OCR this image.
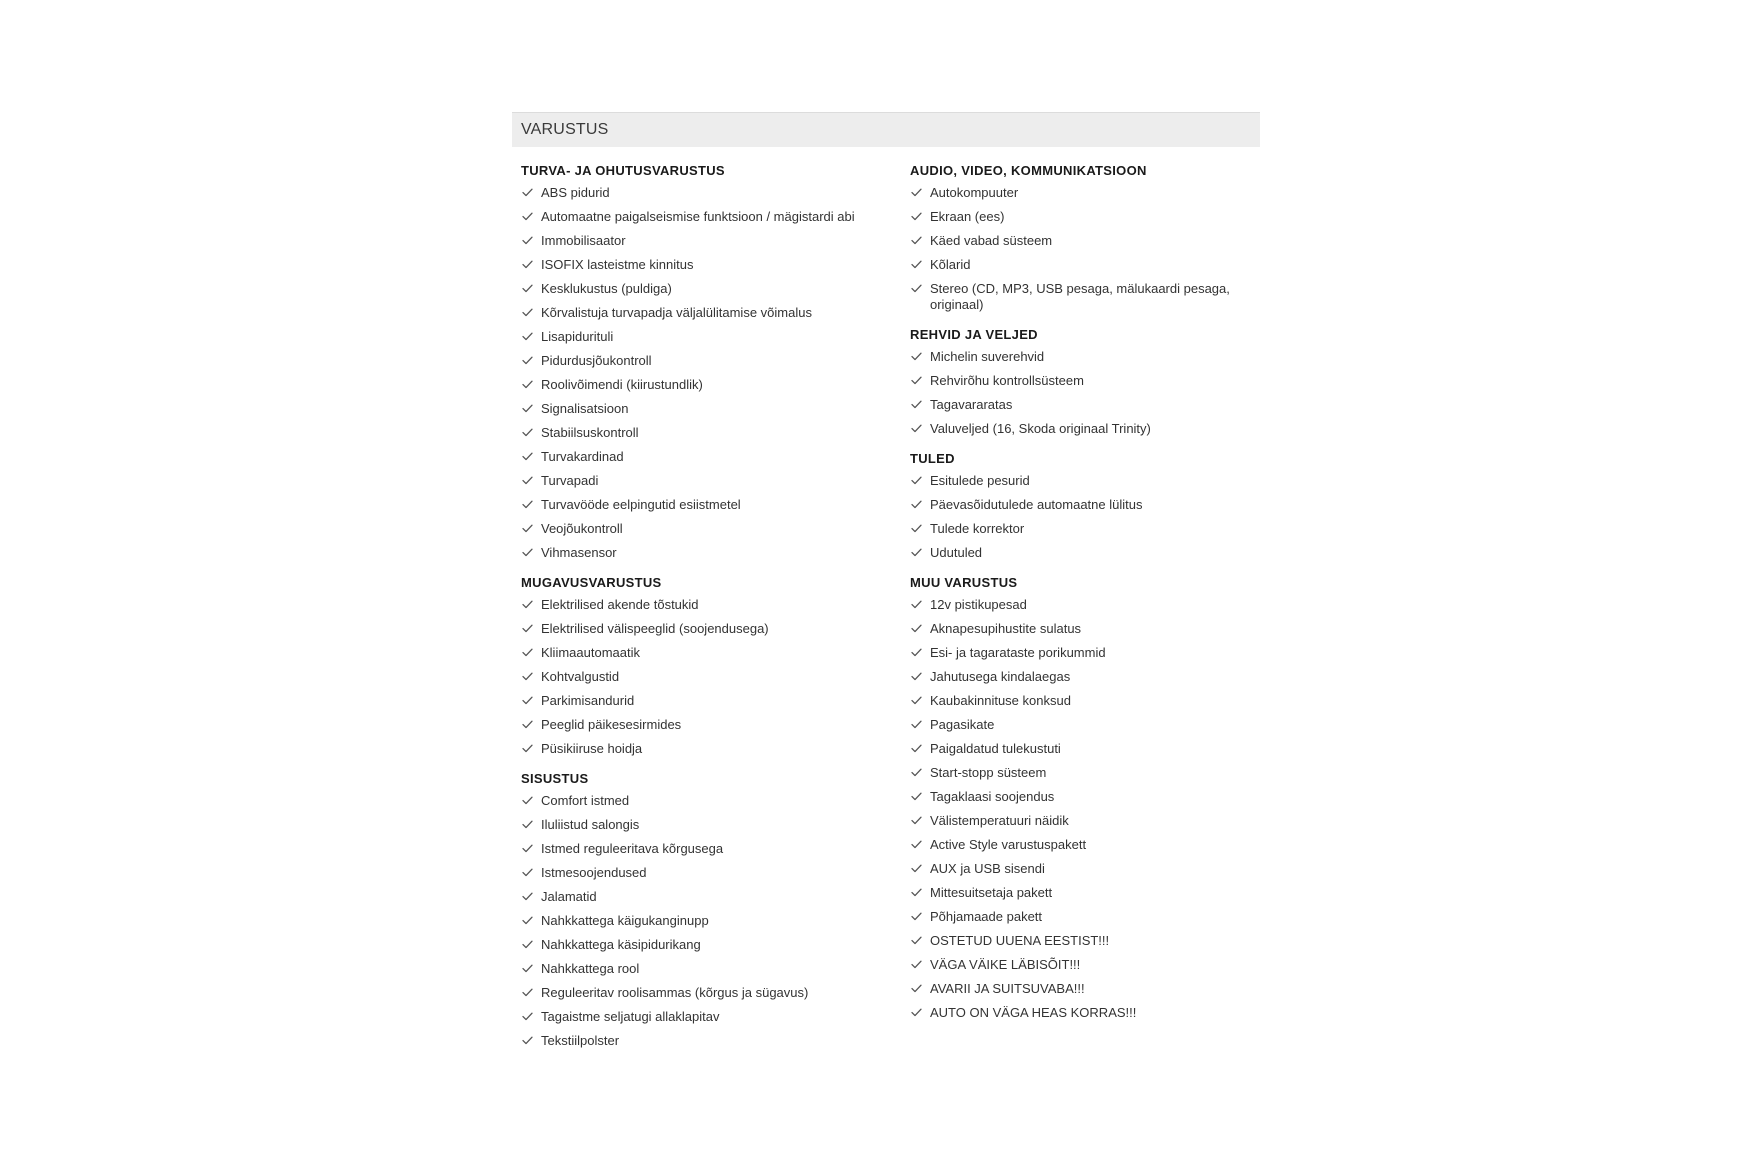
VARUSTUS
TURVA- JA OHUTUSVARUSTUS
ABS pidurid
Automaatne paigalseismise funktsioon / mägistardi abi
Immobilisaator
ISOFIX lasteistme kinnitus
Kesklukustus (puldiga)
Kõrvalistuja turvapadja väljalülitamise võimalus
Lisapiduritulі
Pidurdusjõukontroll
Roolivõimendi (kiirustundlik)
Signalisatsioon
Stabiilsuskontroll
Turvakardinad
Turvapadi
Turvavööde eelpingutid esiistmetel
Veojõukontroll
Vihmasensor
MUGAVUSVARUSTUS
Elektrilised akende tõstukid
Elektrilised välispeeglid (soojendusega)
Kliimaautomaatik
Kohtvalgustid
Parkimisandurid
Peeglid päikesesirmides
Püsikiiruse hoidja
SISUSTUS
Comfort istmed
Iluliistud salongis
Istmed reguleeritava kõrgusega
Istmesoojendused
Jalamatid
Nahkkattega käigukanginupp
Nahkkattega käsipidurikang
Nahkkattega rool
Reguleeritav roolisammas (kõrgus ja sügavus)
Tagaistme seljatugi allaklapitav
Tekstiilpolster
AUDIO, VIDEO, KOMMUNIKATSIOON
Autokompuuter
Ekraan (ees)
Käed vabad süsteem
Kõlarid
Stereo (CD, MP3, USB pesaga, mälukaardi pesaga, originaal)
REHVID JA VELJED
Michelin suverehvid
Rehvirõhu kontrollsüsteem
Tagavararatas
Valuveljed (16, Skoda originaal Trinity)
TULED
Esitulede pesurid
Päevasõidutulede automaatne lülitus
Tulede korrektor
Udutuled
MUU VARUSTUS
12v pistikupesad
Aknapesupihustite sulatus
Esi- ja tagarataste porikummid
Jahutusega kindalaegas
Kaubakinnituse konksud
Pagasikate
Paigaldatud tulekustuti
Start-stopp süsteem
Tagaklaasi soojendus
Välistemperatuuri näidik
Active Style varustuspakett
AUX ja USB sisendi
Mittesuitsetaja pakett
Põhjamaade pakett
OSTETUD UUENA EESTIST!!!
VÄGA VÄIKE LÄBISÕIT!!!
AVARII JA SUITSUVABA!!!
AUTO ON VÄGA HEAS KORRAS!!!
